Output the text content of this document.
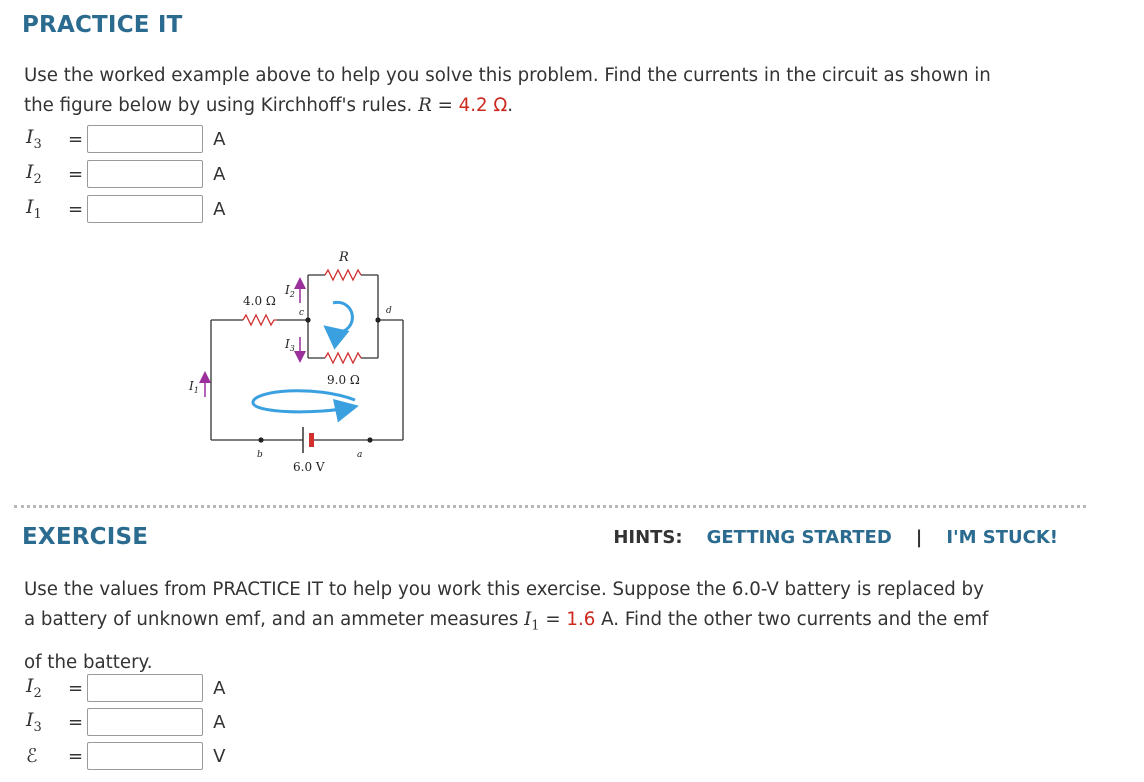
PRACTICE IT
Use the worked example above to help you solve this problem. Find the currents in the circuit as shown in
the figure below by using Kirchhoff's rules. R = 4.2 Ω.
$I_3$ =	A
$I_2$ =	A
$I_1$ =	A
R
4.0 Ω
9.0 Ω
6.0 V
$I_1$
$I_2$
$I_3$
c	d
b	a
EXERCISE	HINTS: GETTING STARTED | I'M STUCK!
Use the values from PRACTICE IT to help you work this exercise. Suppose the 6.0-V battery is replaced by
a battery of unknown emf, and an ammeter measures $I_1 = 1.6$ A. Find the other two currents and the emf
of the battery.
$I_2$ =	A
$I_3$ =	A
ℰ =	V
